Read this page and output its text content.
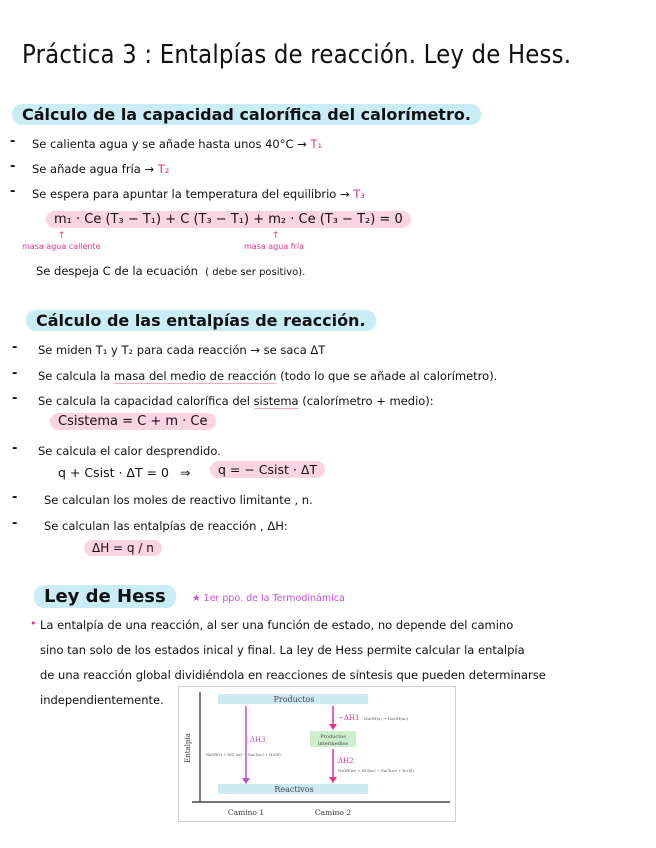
Práctica 3 : Entalpías de reacción. Ley de Hess.
Cálculo de la capacidad calorífica del calorímetro.
- Se calienta agua y se añade hasta unos 40°C → T₁
- Se añade agua fría → T₂
- Se espera para apuntar la temperatura del equilibrio → T₃
m₁ · Ce (T₃ − T₁) + C (T₃ − T₁) + m₂ · Ce (T₃ − T₂) = 0
↑	↑
masa agua caliente	masa agua fría
Se despeja C de la ecuación ( debe ser positivo).
Cálculo de las entalpías de reacción.
- Se miden T₁ y T₂ para cada reacción → se saca ΔT
- Se calcula la masa del medio de reacción (todo lo que se añade al calorímetro).
- Se calcula la capacidad calorífica del sistema (calorímetro + medio):
Csistema = C + m · Ce
- Se calcula el calor desprendido.
q + Csist · ΔT = 0 ⇒	q = − Csist · ΔT
- Se calculan los moles de reactivo limitante , n.
- Se calculan las entalpías de reacción , ΔH:
ΔH = q / n
Ley de Hess	★ 1er ppo. de la Termodinámica
• La entalpía de una reacción, al ser una función de estado, no depende del camino
sino tan solo de los estados inical y final. La ley de Hess permite calcular la entalpía
de una reacción global dividiéndola en reacciones de síntesis que pueden determinarse
independientemente.
Entalpía
Productos
Reactivos
Productos
intermedios
ΔH3
NaOH(s) + HCl (ac) → NaCl(ac) + H₂O(l)
−ΔH1 NaOH(s) → NaOH(ac)
ΔH2
NaOH(ac) + HCl(ac) → NaCl(ac) + H₂O(l)
Camino 1	Camino 2
